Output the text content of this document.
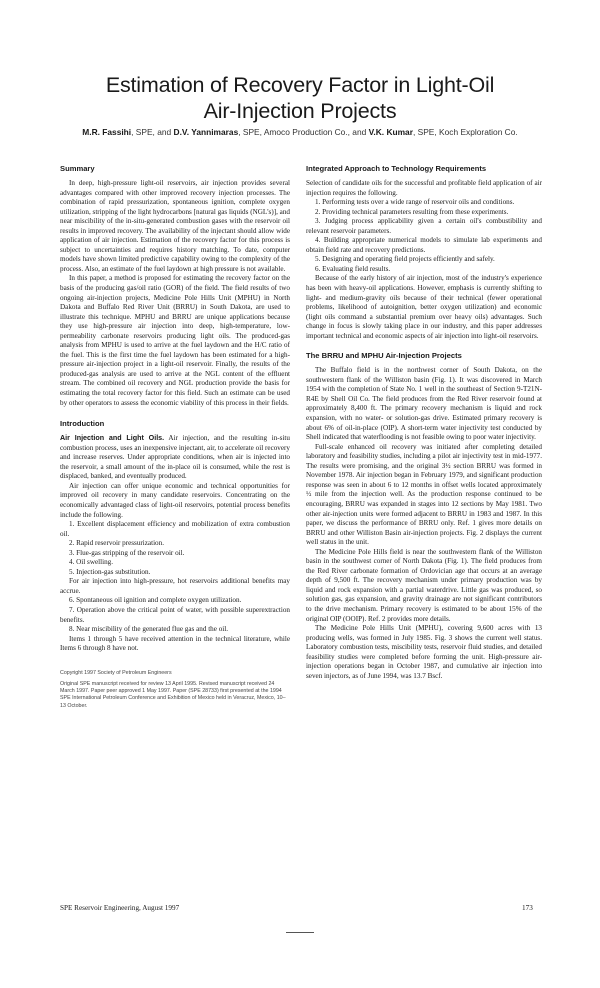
Estimation of Recovery Factor in Light-Oil
Air-Injection Projects
M.R. Fassihi, SPE, and D.V. Yannimaras, SPE, Amoco Production Co., and V.K. Kumar, SPE, Koch Exploration Co.
Summary

In deep, high-pressure light-oil reservoirs, air injection provides several advantages compared with other improved recovery injection processes. The combination of rapid pressurization, spontaneous ignition, complete oxygen utilization, stripping of the light hydrocarbons [natural gas liquids (NGL's)], and near miscibility of the in-situ-generated combustion gases with the reservoir oil results in improved recovery. The availability of the injectant should allow wide application of air injection. Estimation of the recovery factor for this process is subject to uncertainties and requires history matching. To date, computer models have shown limited predictive capability owing to the complexity of the process. Also, an estimate of the fuel laydown at high pressure is not available.

In this paper, a method is proposed for estimating the recovery factor on the basis of the producing gas/oil ratio (GOR) of the field. The field results of two ongoing air-injection projects, Medicine Pole Hills Unit (MPHU) in North Dakota and Buffalo Red River Unit (BRRU) in South Dakota, are used to illustrate this technique. MPHU and BRRU are unique applications because they use high-pressure air injection into deep, high-temperature, low-permeability carbonate reservoirs producing light oils. The produced-gas analysis from MPHU is used to arrive at the fuel laydown and the H/C ratio of the fuel. This is the first time the fuel laydown has been estimated for a high-pressure air-injection project in a light-oil reservoir. Finally, the results of the produced-gas analysis are used to arrive at the NGL content of the effluent stream. The combined oil recovery and NGL production provide the basis for estimating the total recovery factor for this field. Such an estimate can be used by other operators to assess the economic viability of this process in their fields.

Introduction

Air Injection and Light Oils. Air injection, and the resulting in-situ combustion process, uses an inexpensive injectant, air, to accelerate oil recovery and increase reserves. Under appropriate conditions, when air is injected into the reservoir, a small amount of the in-place oil is consumed, while the rest is displaced, banked, and eventually produced.

Air injection can offer unique economic and technical opportunities for improved oil recovery in many candidate reservoirs. Concentrating on the economically advantaged class of light-oil reservoirs, potential process benefits include the following.

1. Excellent displacement efficiency and mobilization of extra combustion oil.

2. Rapid reservoir pressurization.

3. Flue-gas stripping of the reservoir oil.

4. Oil swelling.

5. Injection-gas substitution.

For air injection into high-pressure, hot reservoirs additional benefits may accrue.

6. Spontaneous oil ignition and complete oxygen utilization.

7. Operation above the critical point of water, with possible superextraction benefits.

8. Near miscibility of the generated flue gas and the oil.

Items 1 through 5 have received attention in the technical literature, while Items 6 through 8 have not.

Copyright 1997 Society of Petroleum Engineers

Original SPE manuscript received for review 13 April 1995. Revised manuscript received 24 March 1997. Paper peer approved 1 May 1997. Paper (SPE 28733) first presented at the 1994 SPE International Petroleum Conference and Exhibition of Mexico held in Veracruz, Mexico, 10–13 October.

Integrated Approach to Technology Requirements

Selection of candidate oils for the successful and profitable field application of air injection requires the following.

1. Performing tests over a wide range of reservoir oils and conditions.

2. Providing technical parameters resulting from these experiments.

3. Judging process applicability given a certain oil's combustibility and relevant reservoir parameters.

4. Building appropriate numerical models to simulate lab experiments and obtain field rate and recovery predictions.

5. Designing and operating field projects efficiently and safely.

6. Evaluating field results.

Because of the early history of air injection, most of the industry's experience has been with heavy-oil applications. However, emphasis is currently shifting to light- and medium-gravity oils because of their technical (fewer operational problems, likelihood of autoignition, better oxygen utilization) and economic (light oils command a substantial premium over heavy oils) advantages. Such change in focus is slowly taking place in our industry, and this paper addresses important technical and economic aspects of air injection into light-oil reservoirs.

The BRRU and MPHU Air-Injection Projects

The Buffalo field is in the northwest corner of South Dakota, on the southwestern flank of the Williston basin (Fig. 1). It was discovered in March 1954 with the completion of State No. 1 well in the southeast of Section 9-T21N-R4E by Shell Oil Co. The field produces from the Red River reservoir found at approximately 8,400 ft. The primary recovery mechanism is liquid and rock expansion, with no water- or solution-gas drive. Estimated primary recovery is about 6% of oil-in-place (OIP). A short-term water injectivity test conducted by Shell indicated that waterflooding is not feasible owing to poor water injectivity.

Full-scale enhanced oil recovery was initiated after completing detailed laboratory and feasibility studies, including a pilot air injectivity test in mid-1977. The results were promising, and the original 3½ section BRRU was formed in November 1978. Air injection began in February 1979, and significant production response was seen in about 6 to 12 months in offset wells located approximately ½ mile from the injection well. As the production response continued to be encouraging, BRRU was expanded in stages into 12 sections by May 1981. Two other air-injection units were formed adjacent to BRRU in 1983 and 1987. In this paper, we discuss the performance of BRRU only. Ref. 1 gives more details on BRRU and other Williston Basin air-injection projects. Fig. 2 displays the current well status in the unit.

The Medicine Pole Hills field is near the southwestern flank of the Williston basin in the southwest corner of North Dakota (Fig. 1). The field produces from the Red River carbonate formation of Ordovician age that occurs at an average depth of 9,500 ft. The recovery mechanism under primary production was by liquid and rock expansion with a partial waterdrive. Little gas was produced, so solution gas, gas expansion, and gravity drainage are not significant contributors to the drive mechanism. Primary recovery is estimated to be about 15% of the original OIP (OOIP). Ref. 2 provides more details.

The Medicine Pole Hills Unit (MPHU), covering 9,600 acres with 13 producing wells, was formed in July 1985. Fig. 3 shows the current well status. Laboratory combustion tests, miscibility tests, reservoir fluid studies, and detailed feasibility studies were completed before forming the unit. High-pressure air-injection operations began in October 1987, and cumulative air injection into seven injectors, as of June 1994, was 13.7 Bscf.

SPE Reservoir Engineering, August 1997	173
